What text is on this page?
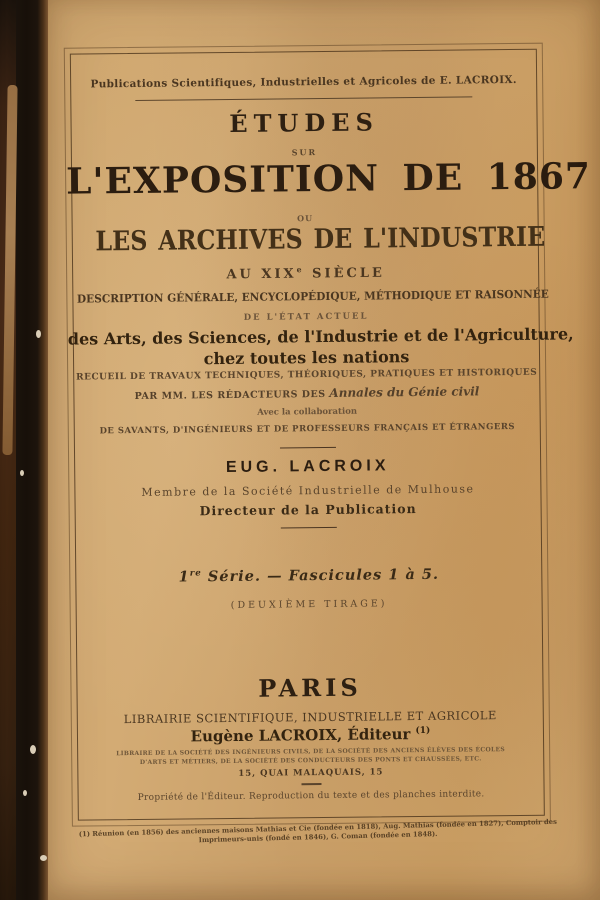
Publications Scientifiques, Industrielles et Agricoles de E. LACROIX.
ÉTUDES
SUR
L'EXPOSITION DE 1867
OU
LES ARCHIVES DE L'INDUSTRIE
AU XIXe SIÈCLE
DESCRIPTION GÉNÉRALE, ENCYCLOPÉDIQUE, MÉTHODIQUE ET RAISONNÉE
DE L'ÉTAT ACTUEL
des Arts, des Sciences, de l'Industrie et de l'Agriculture,
chez toutes les nations
RECUEIL DE TRAVAUX TECHNIQUES, THÉORIQUES, PRATIQUES ET HISTORIQUES
PAR MM. LES RÉDACTEURS DES Annales du Génie civil
Avec la collaboration
DE SAVANTS, D'INGÉNIEURS ET DE PROFESSEURS FRANÇAIS ET ÉTRANGERS
EUG. LACROIX
Membre de la Société Industrielle de Mulhouse
Directeur de la Publication
1re Série. — Fascicules 1 à 5.
(DEUXIÈME TIRAGE)
PARIS
LIBRAIRIE SCIENTIFIQUE, INDUSTRIELLE ET AGRICOLE
Eugène LACROIX, Éditeur $^{(1)}$
LIBRAIRE DE LA SOCIÉTÉ DES INGÉNIEURS CIVILS, DE LA SOCIÉTÉ DES ANCIENS ÉLÈVES DES ÉCOLES
D'ARTS ET MÉTIERS, DE LA SOCIÉTÉ DES CONDUCTEURS DES PONTS ET CHAUSSÉES, ETC.
15, QUAI MALAQUAIS, 15
Propriété de l'Éditeur. Reproduction du texte et des planches interdite.
(1) Réunion (en 1856) des anciennes maisons Mathias et Cie (fondée en 1818), Aug. Mathias (fondée en 1827), Comptoir des Imprimeurs-unis (fondé en 1846), G. Coman (fondée en 1848).
